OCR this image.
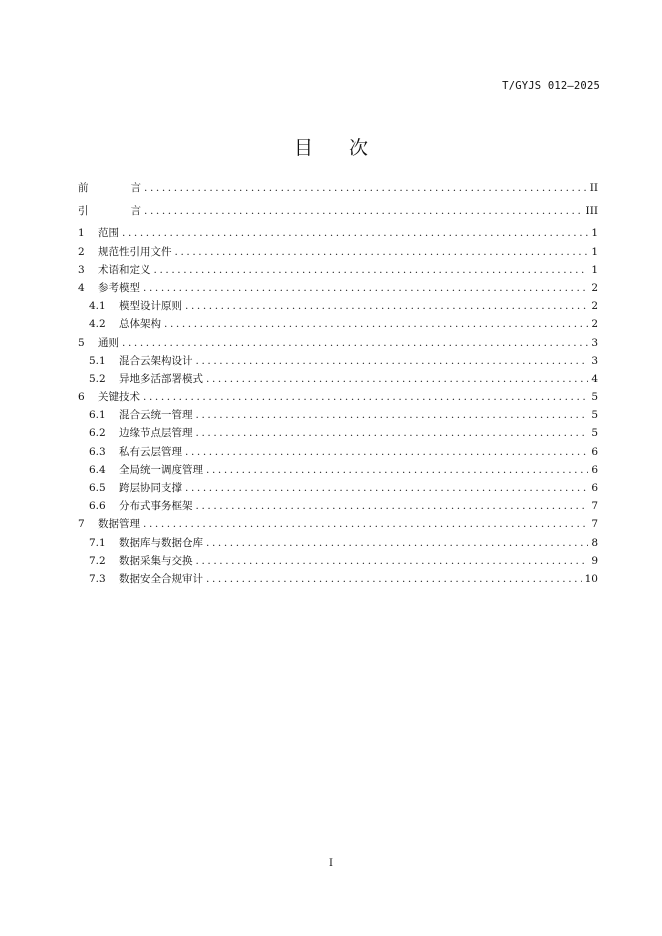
T/GYJS 012—2025
目 次
前	言 .....	II
引	言 .....	III
1	范围 .....	1
2	规范性引用文件 .....	1
3	术语和定义 .....	1
4	参考模型 .....	2
4.1	模型设计原则 .....	2
4.2	总体架构 .....	2
5	通则 .....	3
5.1	混合云架构设计 .....	3
5.2	异地多活部署模式 .....	4
6	关键技术 .....	5
6.1	混合云统一管理 .....	5
6.2	边缘节点层管理 .....	5
6.3	私有云层管理 .....	6
6.4	全局统一调度管理 .....	6
6.5	跨层协同支撑 .....	6
6.6	分布式事务框架 .....	7
7	数据管理 .....	7
7.1	数据库与数据仓库 .....	8
7.2	数据采集与交换 .....	9
7.3	数据安全合规审计 .....	10
I
